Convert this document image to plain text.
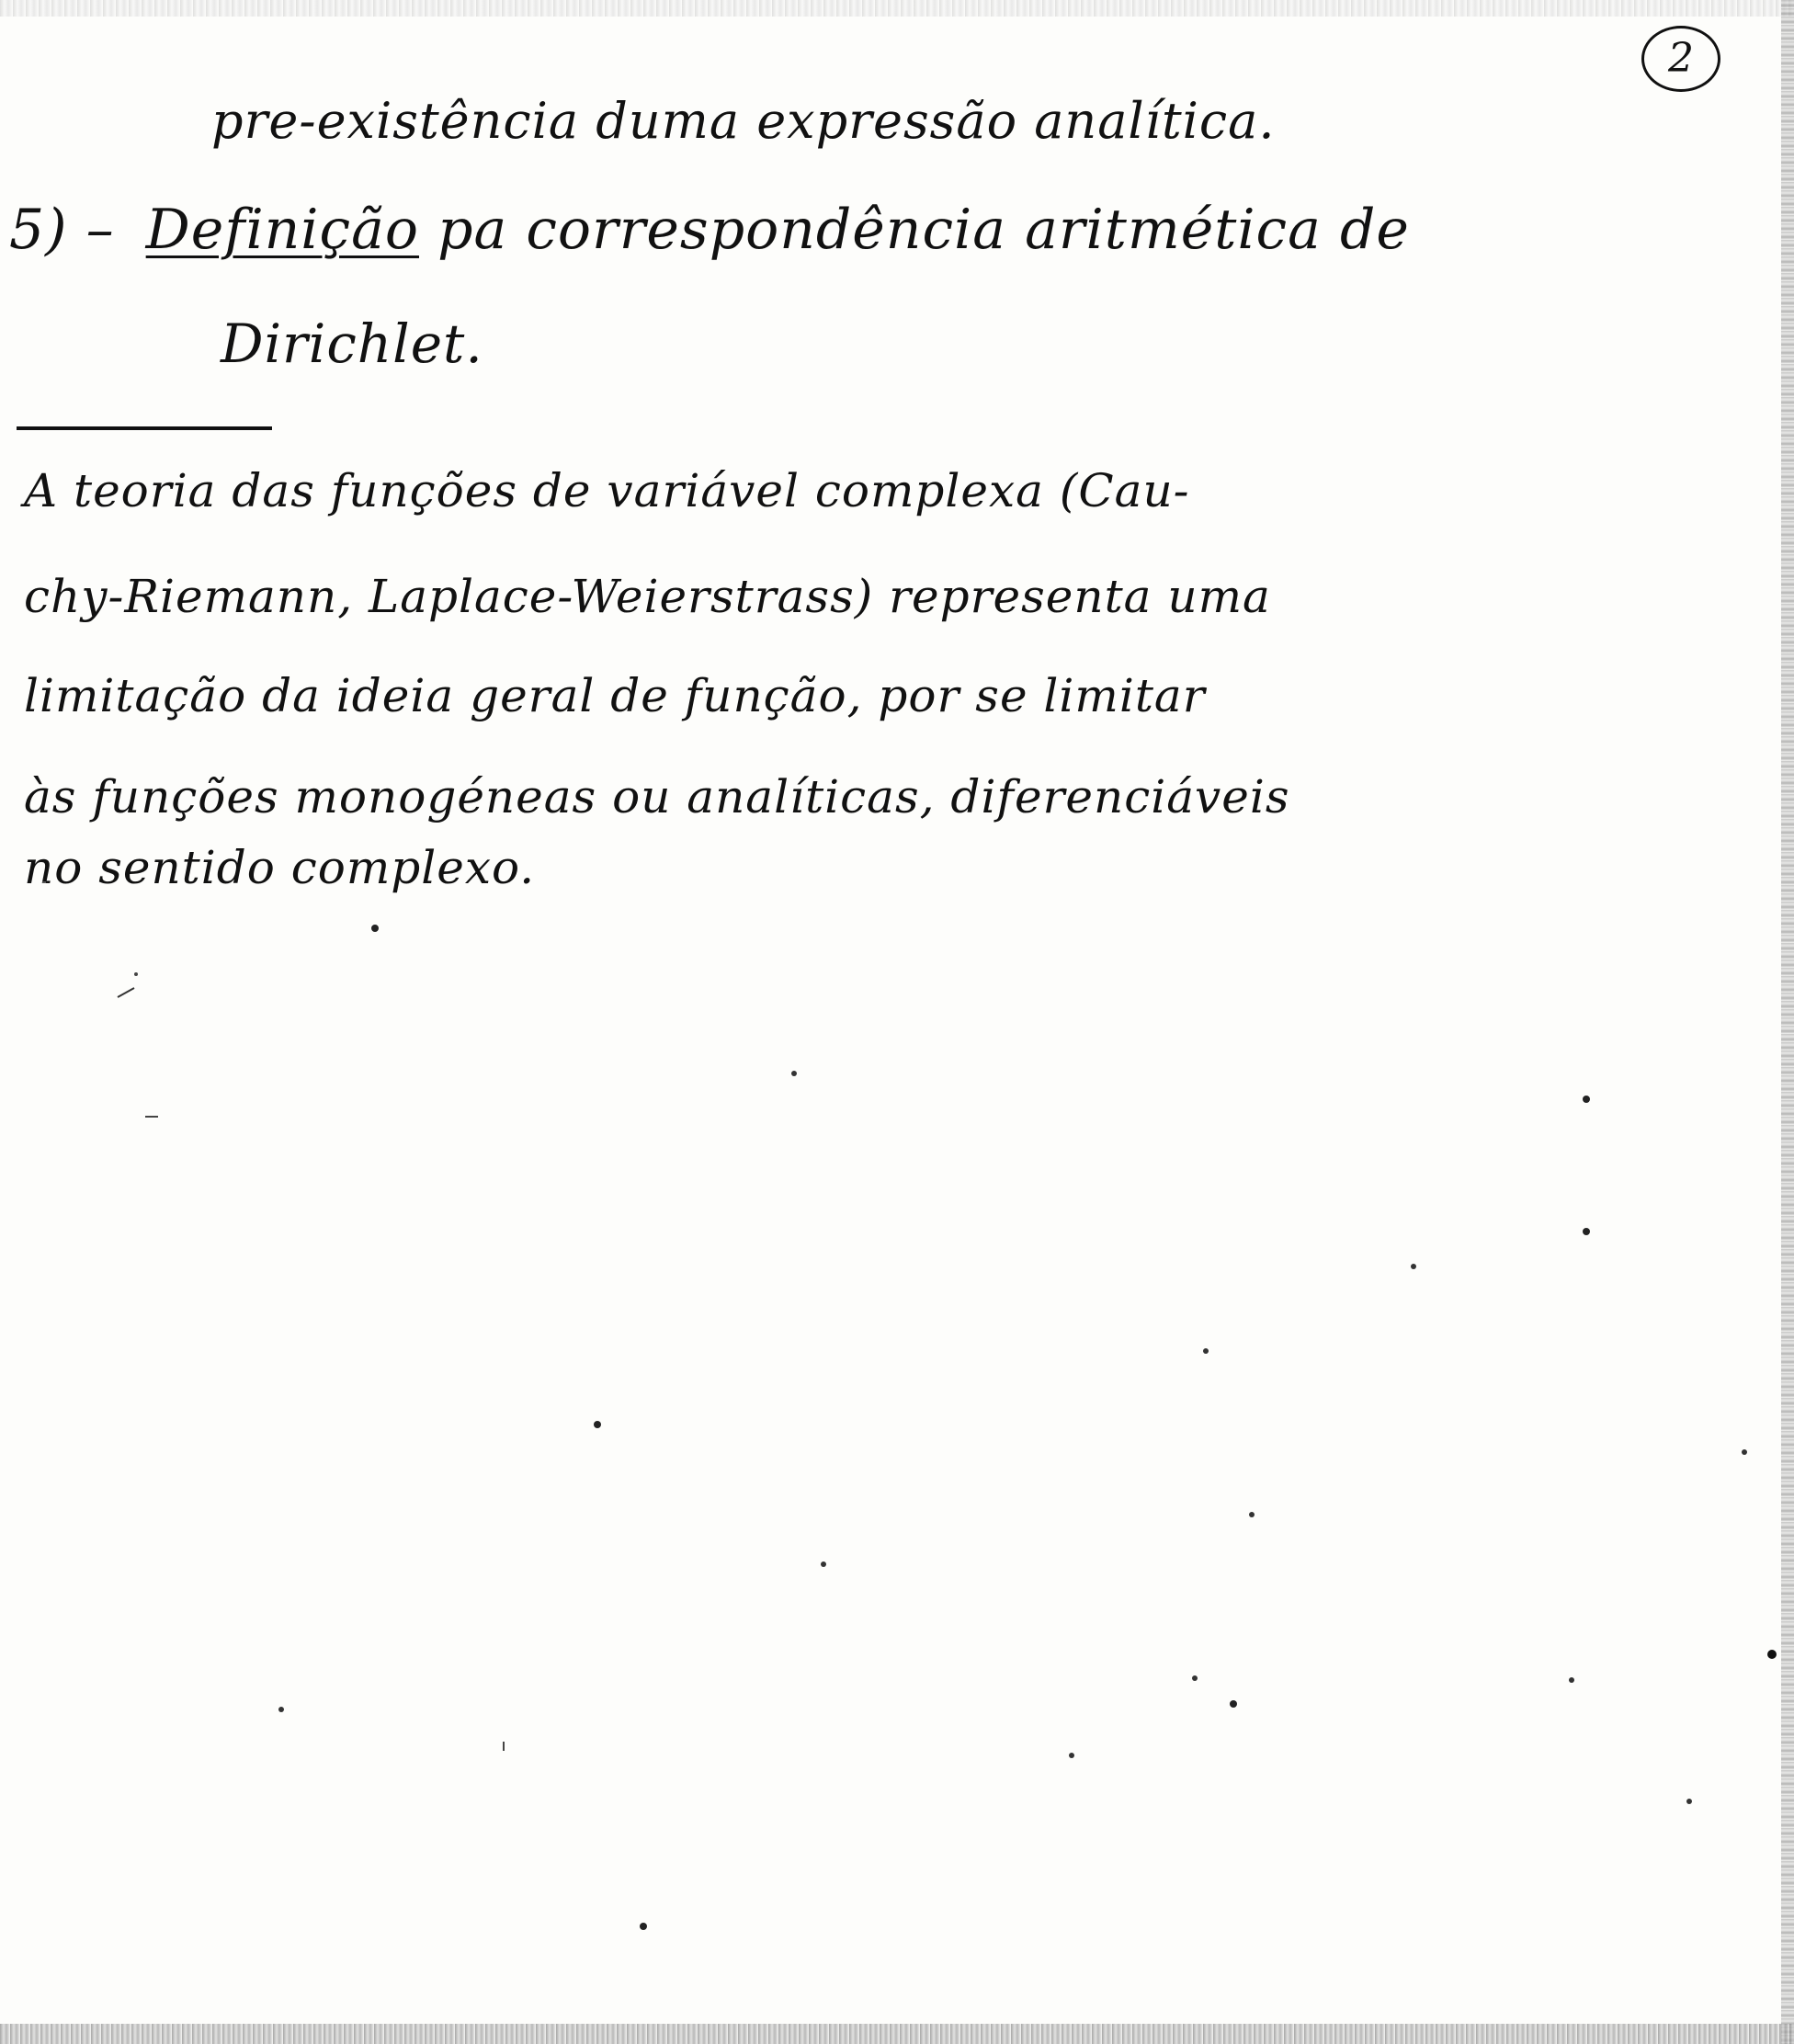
2
pre-existência duma expressão analítica.
5) – Definição pa correspondência aritmética de
Dirichlet.
A teoria das funções de variável complexa (Cau-
chy-Riemann, Laplace-Weierstrass) representa uma
limitação da ideia geral de função, por se limitar
às funções monogéneas ou analíticas, diferenciáveis
no sentido complexo.
